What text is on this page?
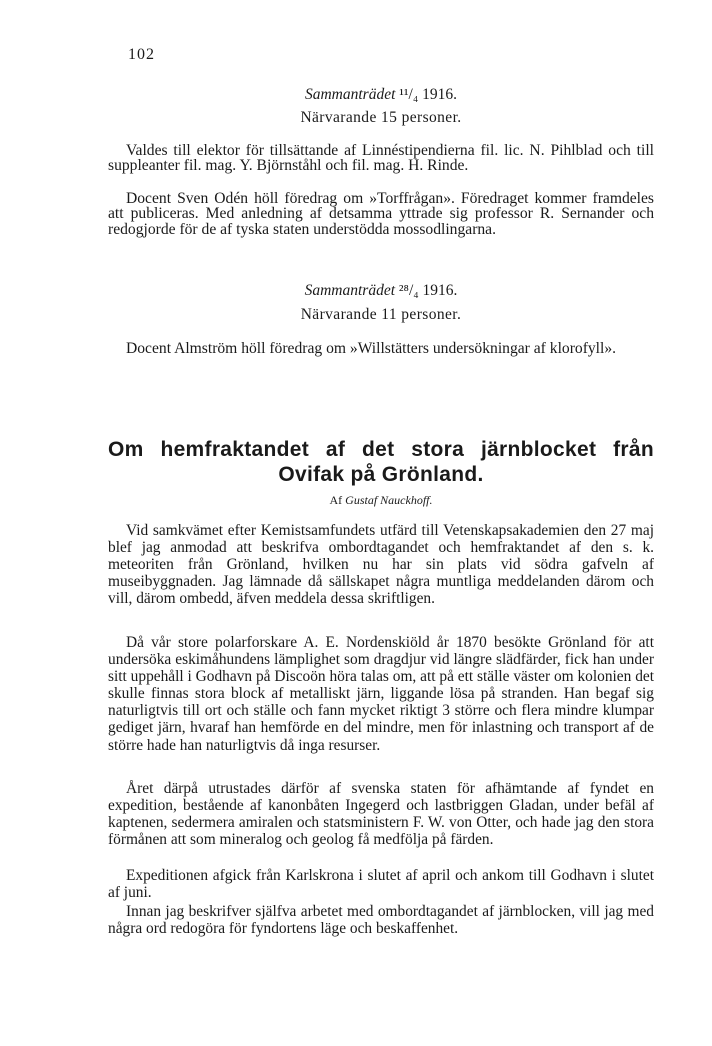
102
Sammanträdet ¹¹/₄ 1916.
Närvarande 15 personer.

Valdes till elektor för tillsättande af Linnéstipendierna fil. lic. N. Pihlblad och till suppleanter fil. mag. Y. Björnståhl och fil. mag. H. Rinde.

Docent Sven Odén höll föredrag om »Torffrågan». Föredraget kommer framdeles att publiceras. Med anledning af detsamma yttrade sig professor R. Sernander och redogjorde för de af tyska staten understödda mossodlingarna.

Sammanträdet ²⁸/₄ 1916.
Närvarande 11 personer.

Docent Almström höll föredrag om »Willstätters undersökningar af klorofyll».

Om hemfraktandet af det stora järnblocket från
Ovifak på Grönland.
Af Gustaf Nauckhoff.

Vid samkvämet efter Kemistsamfundets utfärd till Vetenskapsakademien den 27 maj blef jag anmodad att beskrifva ombordtagandet och hemfraktandet af den s. k. meteoriten från Grönland, hvilken nu har sin plats vid södra gafveln af museibyggnaden. Jag lämnade då sällskapet några muntliga meddelanden därom och vill, därom ombedd, äfven meddela dessa skriftligen.

Då vår store polarforskare A. E. Nordenskiöld år 1870 besökte Grönland för att undersöka eskimåhundens lämplighet som dragdjur vid längre slädfärder, fick han under sitt uppehåll i Godhavn på Discoön höra talas om, att på ett ställe väster om kolonien det skulle finnas stora block af metalliskt järn, liggande lösa på stranden. Han begaf sig naturligtvis till ort och ställe och fann mycket riktigt 3 större och flera mindre klumpar gediget järn, hvaraf han hemförde en del mindre, men för inlastning och transport af de större hade han naturligtvis då inga resurser.

Året därpå utrustades därför af svenska staten för afhämtande af fyndet en expedition, bestående af kanonbåten Ingegerd och lastbriggen Gladan, under befäl af kaptenen, sedermera amiralen och statsministern F. W. von Otter, och hade jag den stora förmånen att som mineralog och geolog få medfölja på färden.

Expeditionen afgick från Karlskrona i slutet af april och ankom till Godhavn i slutet af juni.

Innan jag beskrifver själfva arbetet med ombordtagandet af järnblocken, vill jag med några ord redogöra för fyndortens läge och beskaffenhet.
